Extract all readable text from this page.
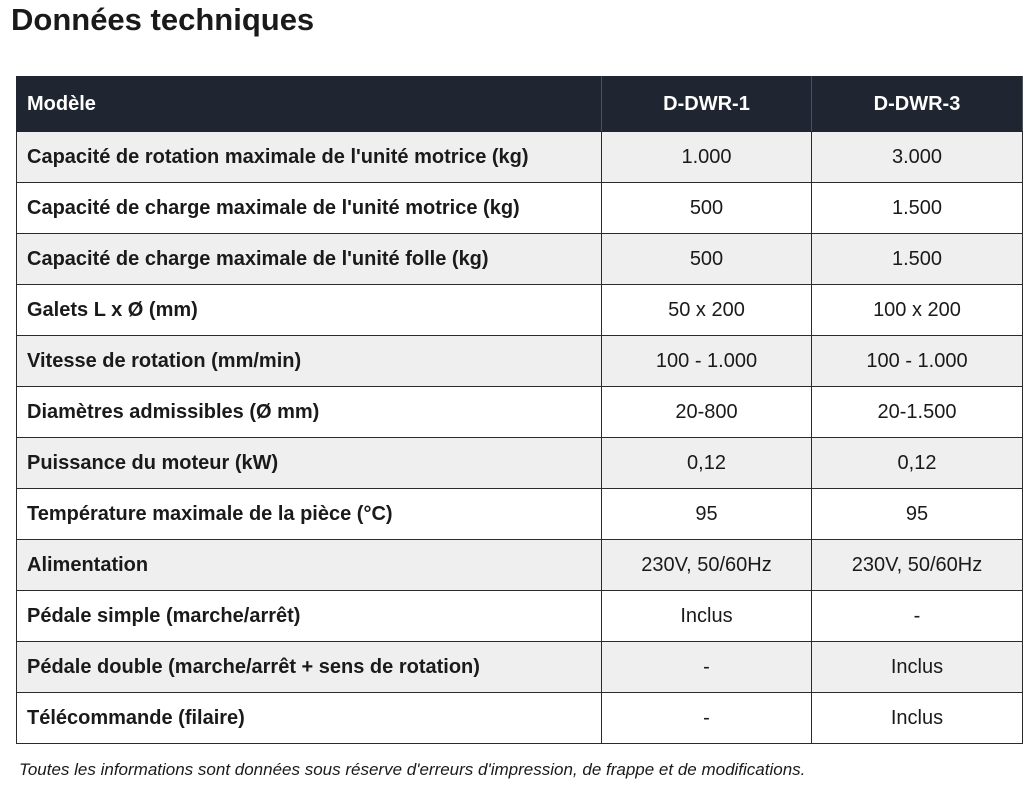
Données techniques
Modèle	D-DWR-1	D-DWR-3
Capacité de rotation maximale de l'unité motrice (kg)	1.000	3.000
Capacité de charge maximale de l'unité motrice (kg)	500	1.500
Capacité de charge maximale de l'unité folle (kg)	500	1.500
Galets L x Ø (mm)	50 x 200	100 x 200
Vitesse de rotation (mm/min)	100 - 1.000	100 - 1.000
Diamètres admissibles (Ø mm)	20-800	20-1.500
Puissance du moteur (kW)	0,12	0,12
Température maximale de la pièce (°C)	95	95
Alimentation	230V, 50/60Hz	230V, 50/60Hz
Pédale simple (marche/arrêt)	Inclus	-
Pédale double (marche/arrêt + sens de rotation)	-	Inclus
Télécommande (filaire)	-	Inclus

Toutes les informations sont données sous réserve d'erreurs d'impression, de frappe et de modifications.
